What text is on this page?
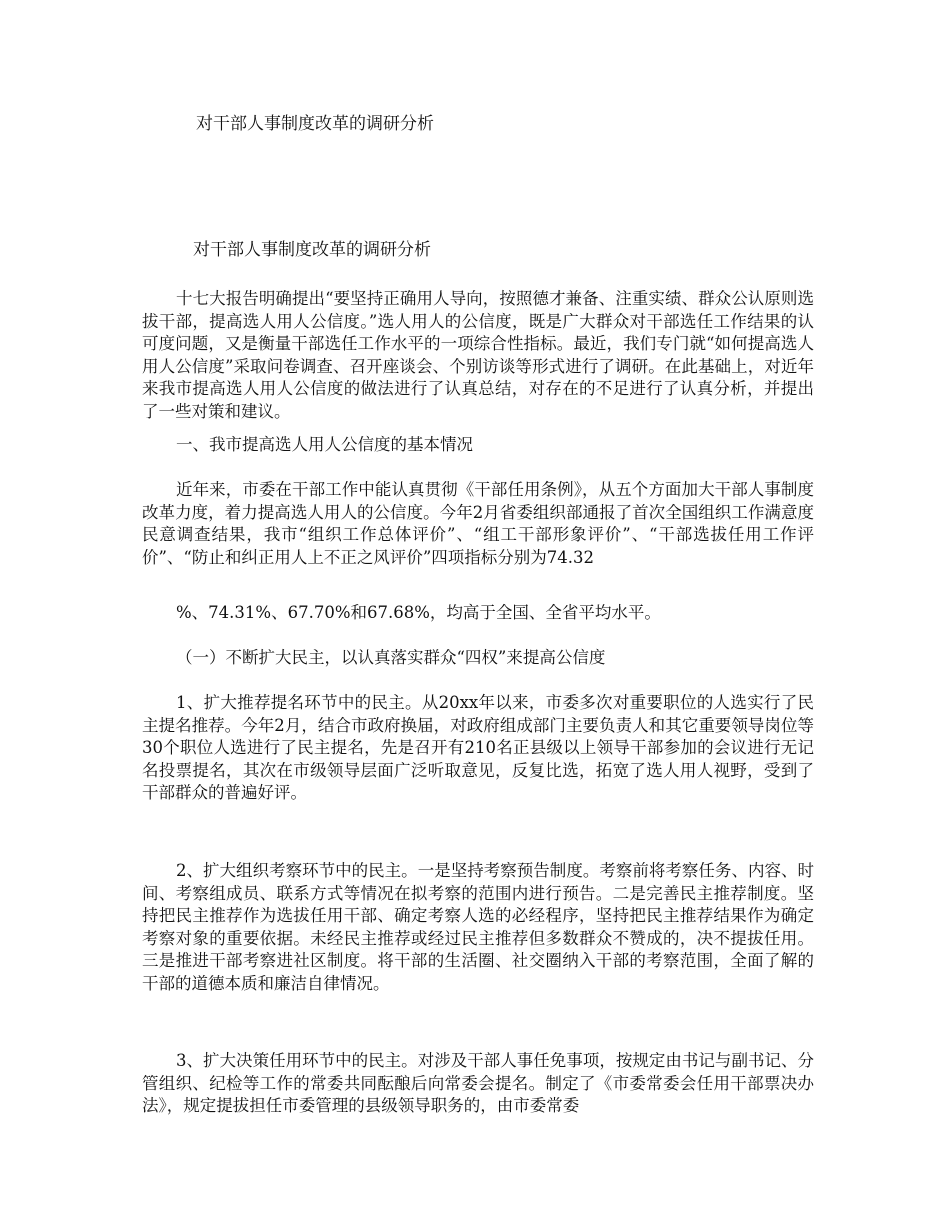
对干部人事制度改革的调研分析
对干部人事制度改革的调研分析

十七大报告明确提出“要坚持正确用人导向，按照德才兼备、注重实绩、群众公认原则选拔干部，提高选人用人公信度。”选人用人的公信度，既是广大群众对干部选任工作结果的认可度问题，又是衡量干部选任工作水平的一项综合性指标。最近，我们专门就“如何提高选人用人公信度”采取问卷调查、召开座谈会、个别访谈等形式进行了调研。在此基础上，对近年来我市提高选人用人公信度的做法进行了认真总结，对存在的不足进行了认真分析，并提出了一些对策和建议。

一、我市提高选人用人公信度的基本情况

近年来，市委在干部工作中能认真贯彻《干部任用条例》，从五个方面加大干部人事制度改革力度，着力提高选人用人的公信度。今年2月省委组织部通报了首次全国组织工作满意度民意调查结果，我市“组织工作总体评价”、“组工干部形象评价”、“干部选拔任用工作评价”、“防止和纠正用人上不正之风评价”四项指标分别为74.32

%、74.31%、67.70%和67.68%，均高于全国、全省平均水平。

（一）不断扩大民主，以认真落实群众“四权”来提高公信度

1、扩大推荐提名环节中的民主。从20xx年以来，市委多次对重要职位的人选实行了民主提名推荐。今年2月，结合市政府换届，对政府组成部门主要负责人和其它重要领导岗位等30个职位人选进行了民主提名，先是召开有210名正县级以上领导干部参加的会议进行无记名投票提名，其次在市级领导层面广泛听取意见，反复比选，拓宽了选人用人视野，受到了干部群众的普遍好评。

2、扩大组织考察环节中的民主。一是坚持考察预告制度。考察前将考察任务、内容、时间、考察组成员、联系方式等情况在拟考察的范围内进行预告。二是完善民主推荐制度。坚持把民主推荐作为选拔任用干部、确定考察人选的必经程序，坚持把民主推荐结果作为确定考察对象的重要依据。未经民主推荐或经过民主推荐但多数群众不赞成的，决不提拔任用。三是推进干部考察进社区制度。将干部的生活圈、社交圈纳入干部的考察范围，全面了解的干部的道德本质和廉洁自律情况。

3、扩大决策任用环节中的民主。对涉及干部人事任免事项，按规定由书记与副书记、分管组织、纪检等工作的常委共同酝酿后向常委会提名。制定了《市委常委会任用干部票决办法》，规定提拔担任市委管理的县级领导职务的，由市委常委
